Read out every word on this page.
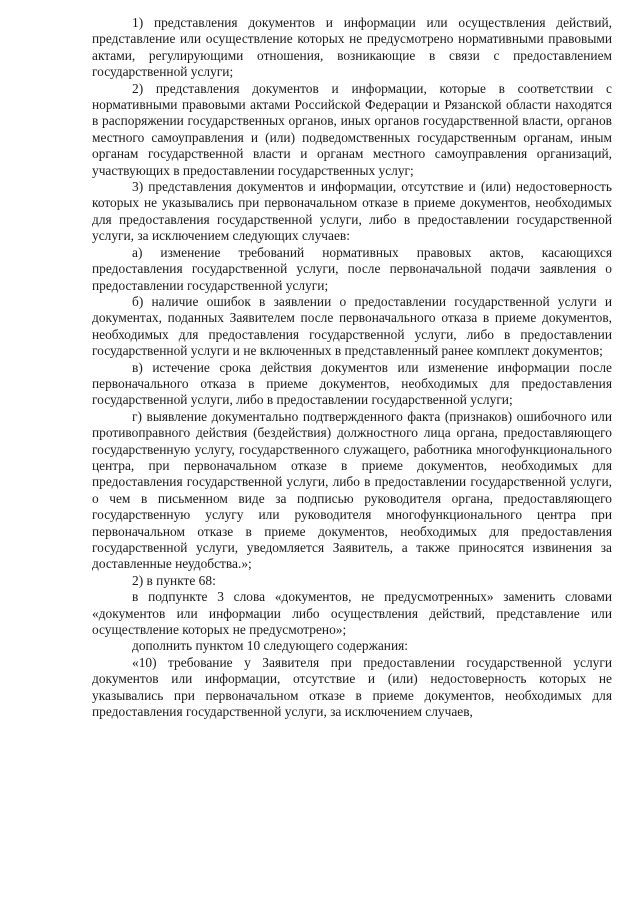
1) представления документов и информации или осуществления действий, представление или осуществление которых не предусмотрено нормативными правовыми актами, регулирующими отношения, возникающие в связи с предоставлением государственной услуги;

2) представления документов и информации, которые в соответствии с нормативными правовыми актами Российской Федерации и Рязанской области находятся в распоряжении государственных органов, иных органов государственной власти, органов местного самоуправления и (или) подведомственных государственным органам, иным органам государственной власти и органам местного самоуправления организаций, участвующих в предоставлении государственных услуг;

3) представления документов и информации, отсутствие и (или) недостоверность которых не указывались при первоначальном отказе в приеме документов, необходимых для предоставления государственной услуги, либо в предоставлении государственной услуги, за исключением следующих случаев:

а) изменение требований нормативных правовых актов, касающихся предоставления государственной услуги, после первоначальной подачи заявления о предоставлении государственной услуги;

б) наличие ошибок в заявлении о предоставлении государственной услуги и документах, поданных Заявителем после первоначального отказа в приеме документов, необходимых для предоставления государственной услуги, либо в предоставлении государственной услуги и не включенных в представленный ранее комплект документов;

в) истечение срока действия документов или изменение информации после первоначального отказа в приеме документов, необходимых для предоставления государственной услуги, либо в предоставлении государственной услуги;

г) выявление документально подтвержденного факта (признаков) ошибочного или противоправного действия (бездействия) должностного лица органа, предоставляющего государственную услугу, государственного служащего, работника многофункционального центра, при первоначальном отказе в приеме документов, необходимых для предоставления государственной услуги, либо в предоставлении государственной услуги, о чем в письменном виде за подписью руководителя органа, предоставляющего государственную услугу или руководителя многофункционального центра при первоначальном отказе в приеме документов, необходимых для предоставления государственной услуги, уведомляется Заявитель, а также приносятся извинения за доставленные неудобства.»;

2) в пункте 68:

в подпункте 3 слова «документов, не предусмотренных» заменить словами «документов или информации либо осуществления действий, представление или осуществление которых не предусмотрено»;

дополнить пунктом 10 следующего содержания:

«10) требование у Заявителя при предоставлении государственной услуги документов или информации, отсутствие и (или) недостоверность которых не указывались при первоначальном отказе в приеме документов, необходимых для предоставления государственной услуги, за исключением случаев,
